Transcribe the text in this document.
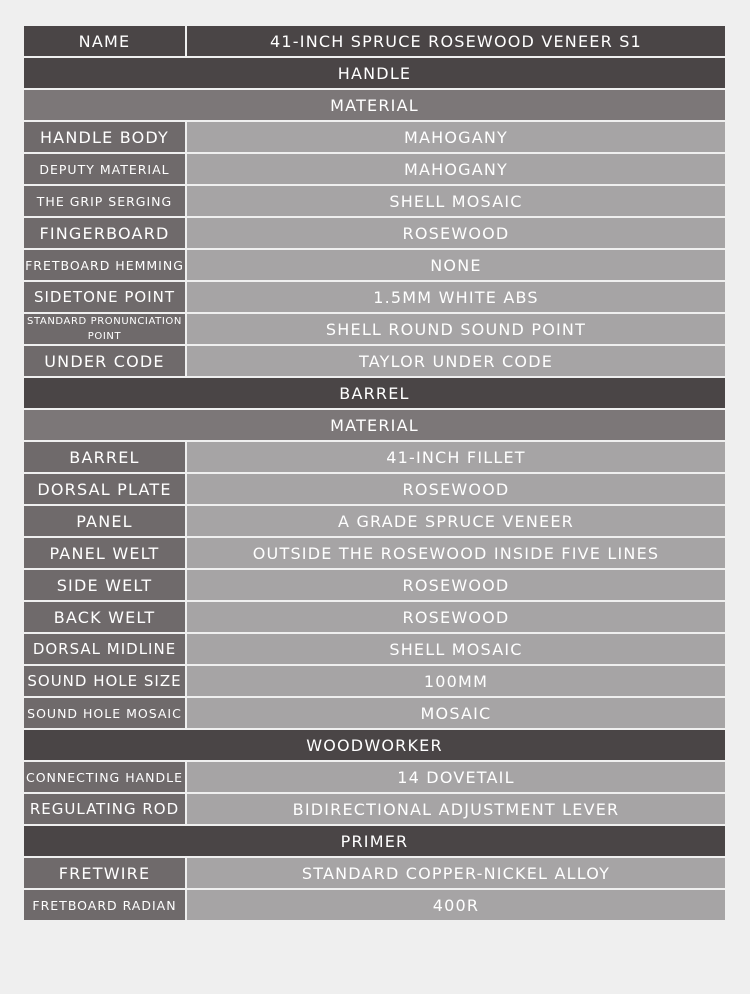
NAME	41-INCH SPRUCE ROSEWOOD VENEER S1
HANDLE
MATERIAL
HANDLE BODY	MAHOGANY
DEPUTY MATERIAL	MAHOGANY
THE GRIP SERGING	SHELL MOSAIC
FINGERBOARD	ROSEWOOD
FRETBOARD HEMMING	NONE
SIDETONE POINT	1.5MM WHITE ABS
STANDARD PRONUNCIATION POINT	SHELL ROUND SOUND POINT
UNDER CODE	TAYLOR UNDER CODE
BARREL
MATERIAL
BARREL	41-INCH FILLET
DORSAL PLATE	ROSEWOOD
PANEL	A GRADE SPRUCE VENEER
PANEL WELT	OUTSIDE THE ROSEWOOD INSIDE FIVE LINES
SIDE WELT	ROSEWOOD
BACK WELT	ROSEWOOD
DORSAL MIDLINE	SHELL MOSAIC
SOUND HOLE SIZE	100MM
SOUND HOLE MOSAIC	MOSAIC
WOODWORKER
CONNECTING HANDLE	14 DOVETAIL
REGULATING ROD	BIDIRECTIONAL ADJUSTMENT LEVER
PRIMER
FRETWIRE	STANDARD COPPER-NICKEL ALLOY
FRETBOARD RADIAN	400R
